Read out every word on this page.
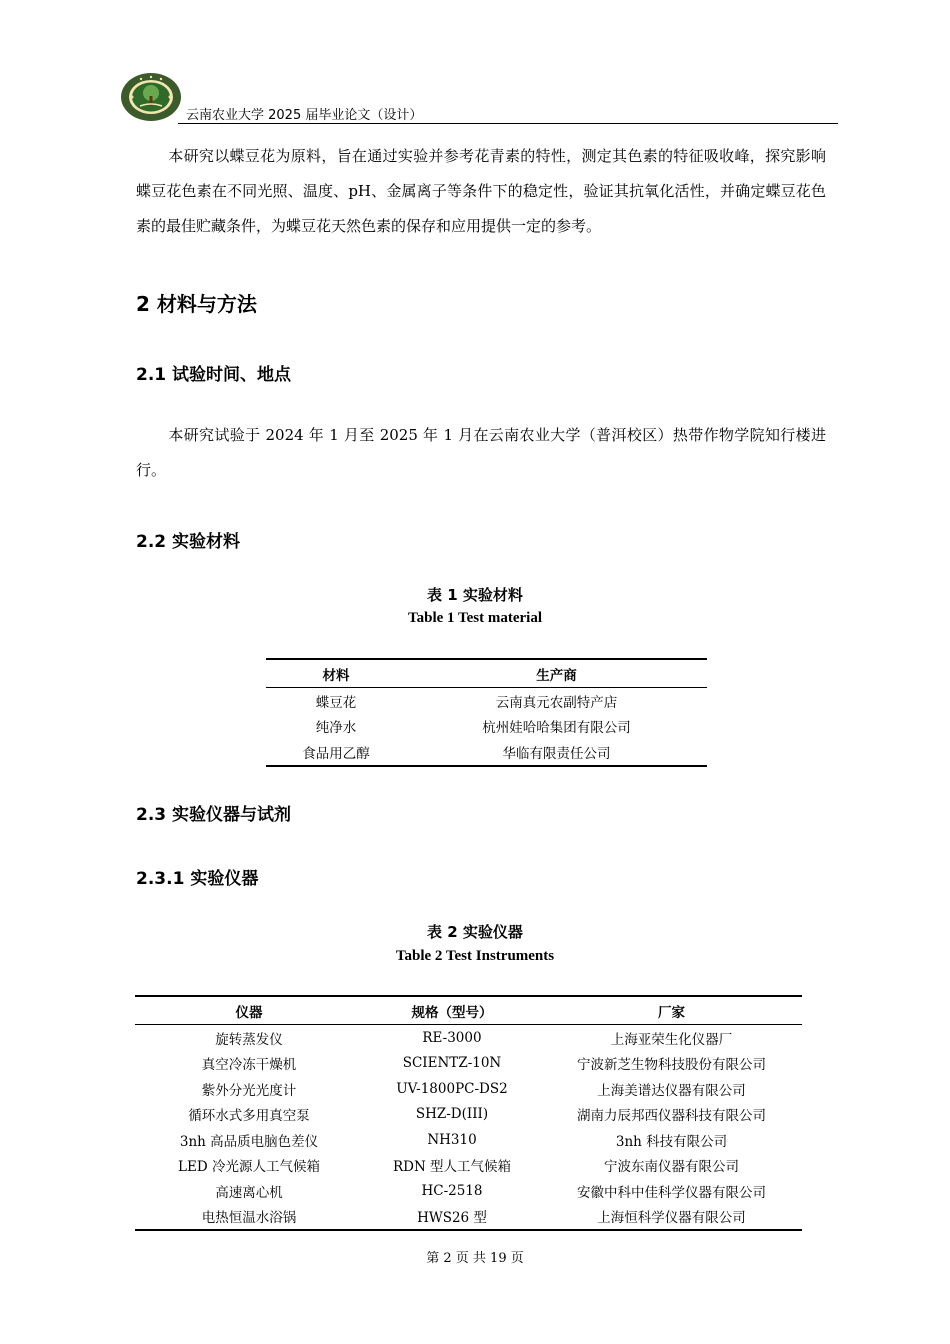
云南农业大学 2025 届毕业论文（设计）

本研究以蝶豆花为原料，旨在通过实验并参考花青素的特性，测定其色素的特征吸收峰，探究影响蝶豆花色素在不同光照、温度、pH、金属离子等条件下的稳定性，验证其抗氧化活性，并确定蝶豆花色素的最佳贮藏条件，为蝶豆花天然色素的保存和应用提供一定的参考。

2 材料与方法
2.1 试验时间、地点

本研究试验于 2024 年 1 月至 2025 年 1 月在云南农业大学（普洱校区）热带作物学院知行楼进行。

2.2 实验材料
表 1 实验材料
Table 1 Test material
材料	生产商
蝶豆花	云南真元农副特产店
纯净水	杭州娃哈哈集团有限公司
食品用乙醇	华临有限责任公司
2.3 实验仪器与试剂
2.3.1 实验仪器
表 2 实验仪器
Table 2 Test Instruments
仪器	规格（型号）	厂家
旋转蒸发仪	RE-3000	上海亚荣生化仪器厂
真空冷冻干燥机	SCIENTZ-10N	宁波新芝生物科技股份有限公司
紫外分光光度计	UV-1800PC-DS2	上海美谱达仪器有限公司
循环水式多用真空泵	SHZ-D(III)	湖南力辰邦西仪器科技有限公司
3nh 高品质电脑色差仪	NH310	3nh 科技有限公司
LED 冷光源人工气候箱	RDN 型人工气候箱	宁波东南仪器有限公司
高速离心机	HC-2518	安徽中科中佳科学仪器有限公司
电热恒温水浴锅	HWS26 型	上海恒科学仪器有限公司
第 2 页 共 19 页
